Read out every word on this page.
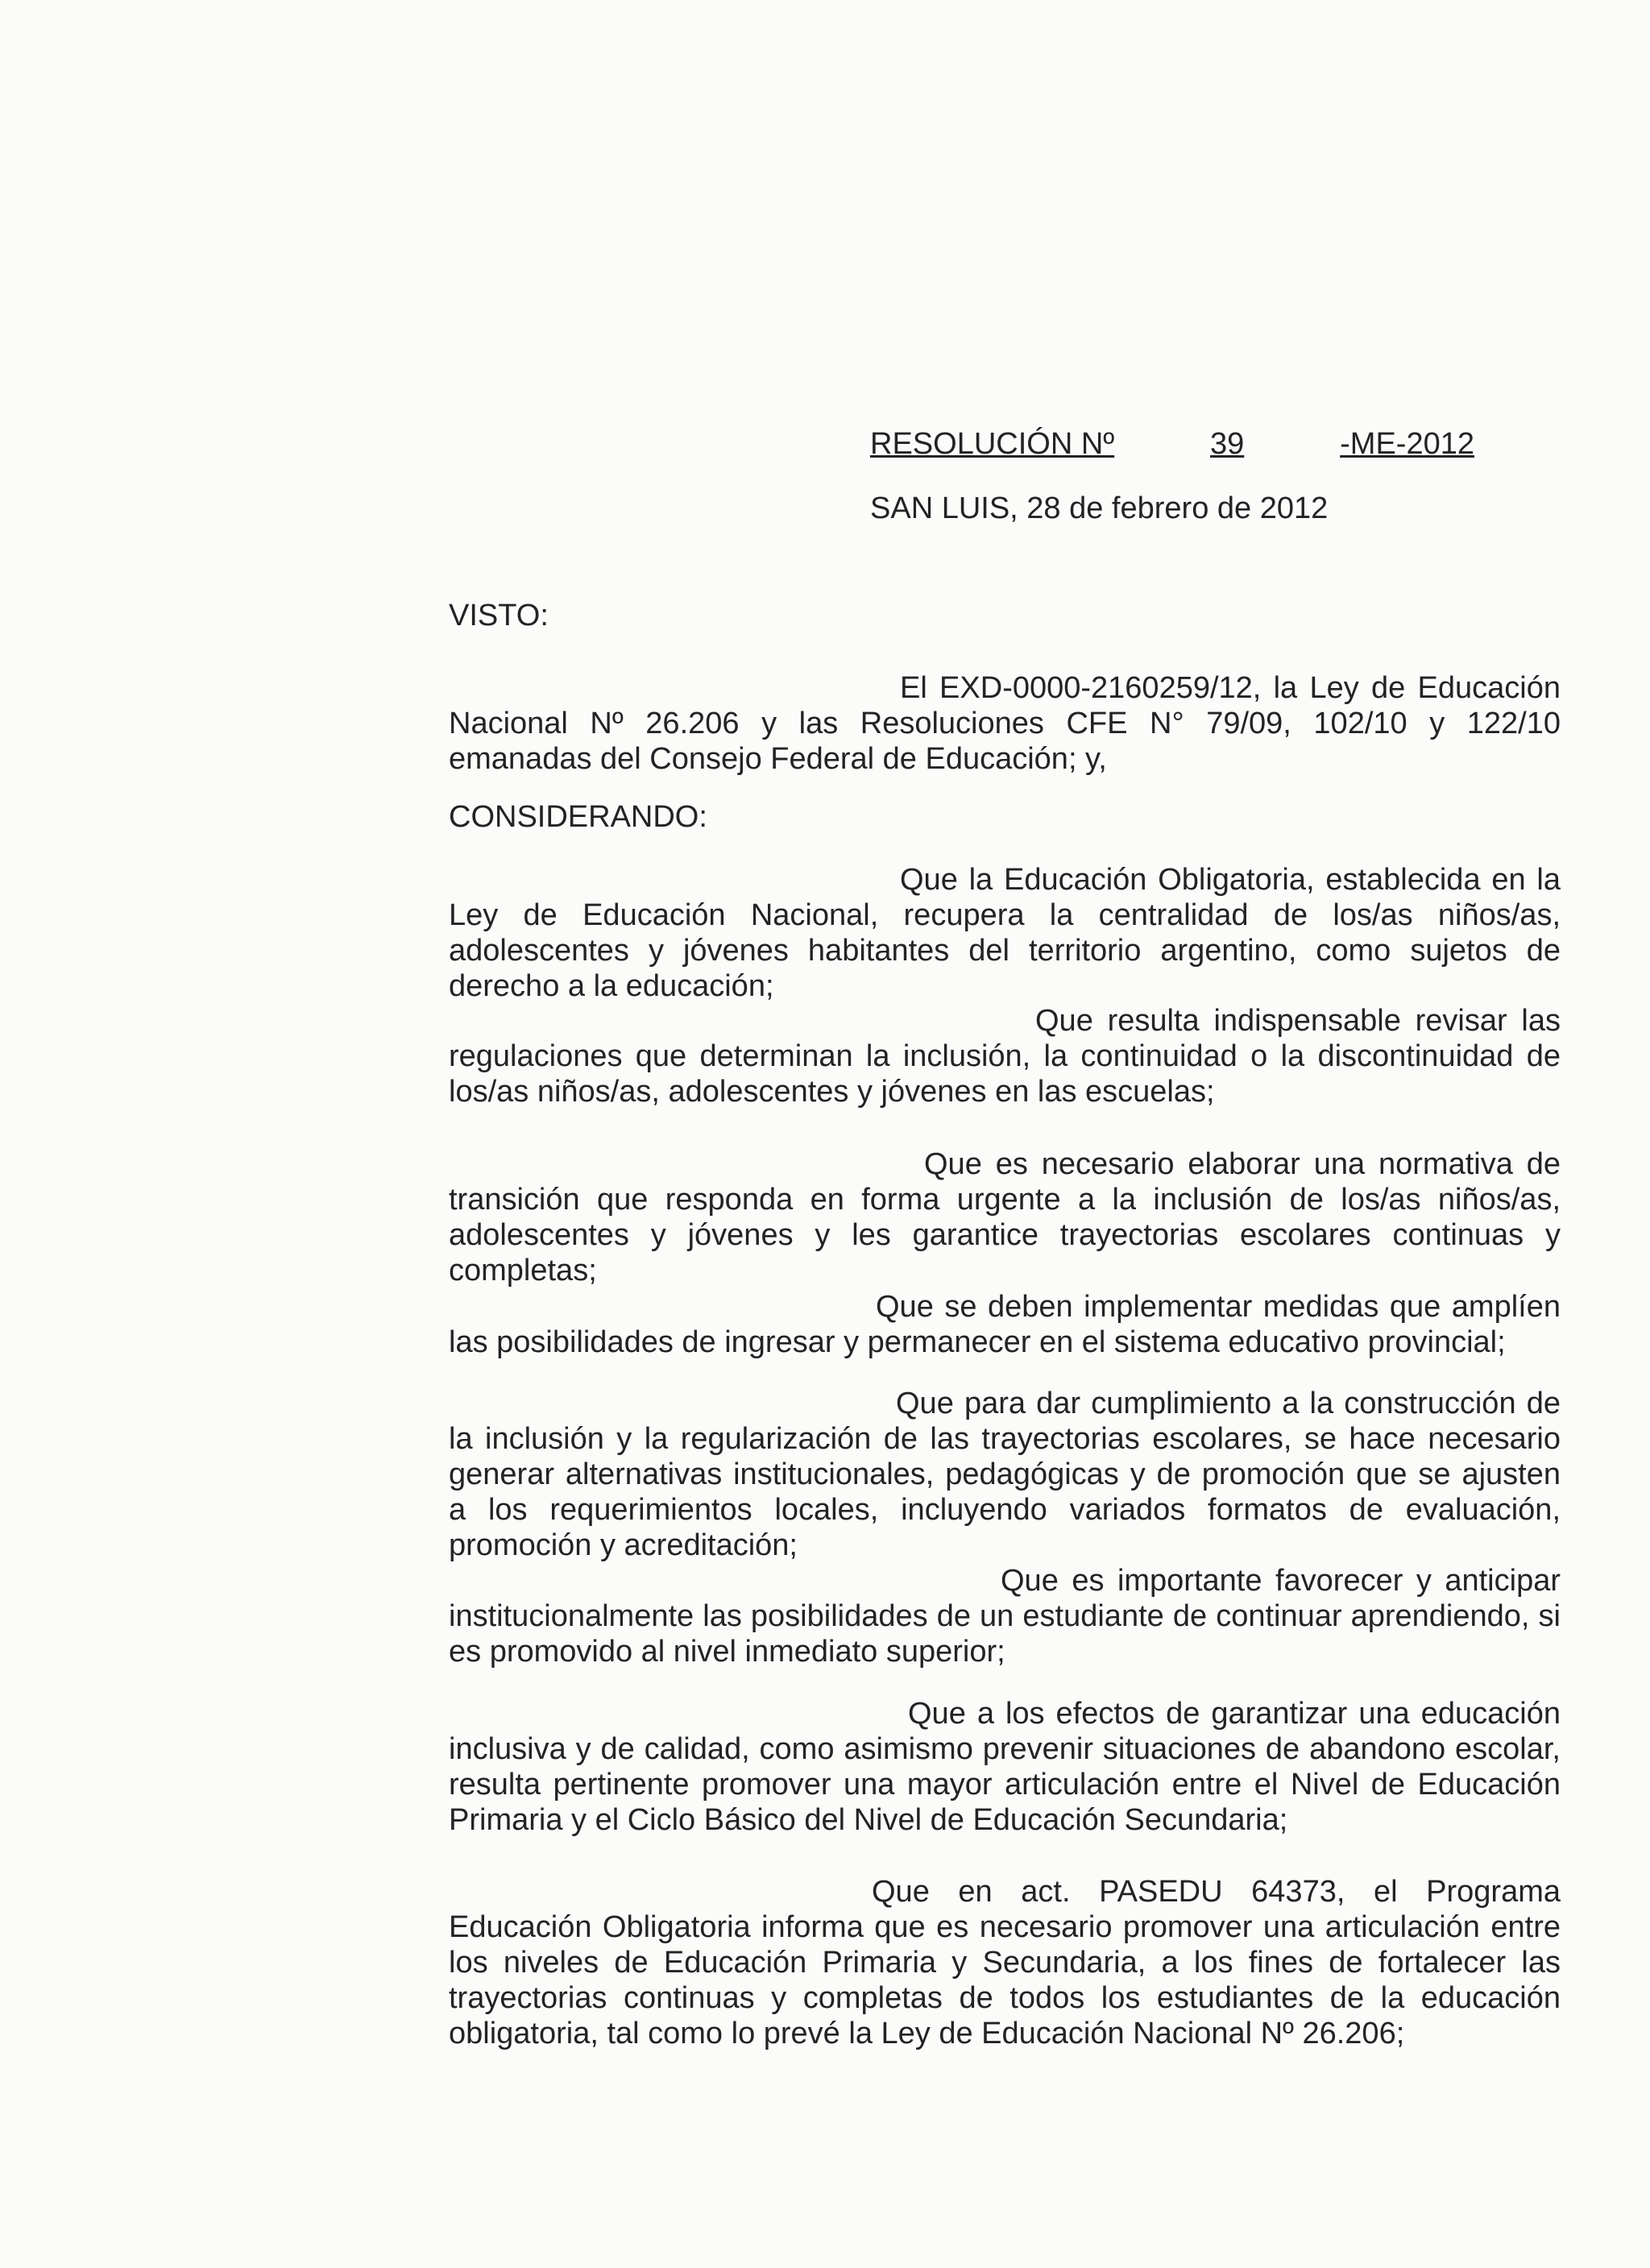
RESOLUCIÓN Nº	39	-ME-2012
SAN LUIS, 28 de febrero de 2012
VISTO:
El EXD-0000-2160259/12, la Ley de Educación Nacional Nº 26.206 y las Resoluciones CFE N° 79/09, 102/10 y 122/10 emanadas del Consejo Federal de Educación; y,
CONSIDERANDO:
Que la Educación Obligatoria, establecida en la Ley de Educación Nacional, recupera la centralidad de los/as niños/as, adolescentes y jóvenes habitantes del territorio argentino, como sujetos de derecho a la educación;
Que resulta indispensable revisar las regulaciones que determinan la inclusión, la continuidad o la discontinuidad de los/as niños/as, adolescentes y jóvenes en las escuelas;
Que es necesario elaborar una normativa de transición que responda en forma urgente a la inclusión de los/as niños/as, adolescentes y jóvenes y les garantice trayectorias escolares continuas y completas;
Que se deben implementar medidas que amplíen las posibilidades de ingresar y permanecer en el sistema educativo provincial;
Que para dar cumplimiento a la construcción de la inclusión y la regularización de las trayectorias escolares, se hace necesario generar alternativas institucionales, pedagógicas y de promoción que se ajusten a los requerimientos locales, incluyendo variados formatos de evaluación, promoción y acreditación;
Que es importante favorecer y anticipar institucionalmente las posibilidades de un estudiante de continuar aprendiendo, si es promovido al nivel inmediato superior;
Que a los efectos de garantizar una educación inclusiva y de calidad, como asimismo prevenir situaciones de abandono escolar, resulta pertinente promover una mayor articulación entre el Nivel de Educación Primaria y el Ciclo Básico del Nivel de Educación Secundaria;
Que en act. PASEDU 64373, el Programa Educación Obligatoria informa que es necesario promover una articulación entre los niveles de Educación Primaria y Secundaria, a los fines de fortalecer las trayectorias continuas y completas de todos los estudiantes de la educación obligatoria, tal como lo prevé la Ley de Educación Nacional Nº 26.206;
